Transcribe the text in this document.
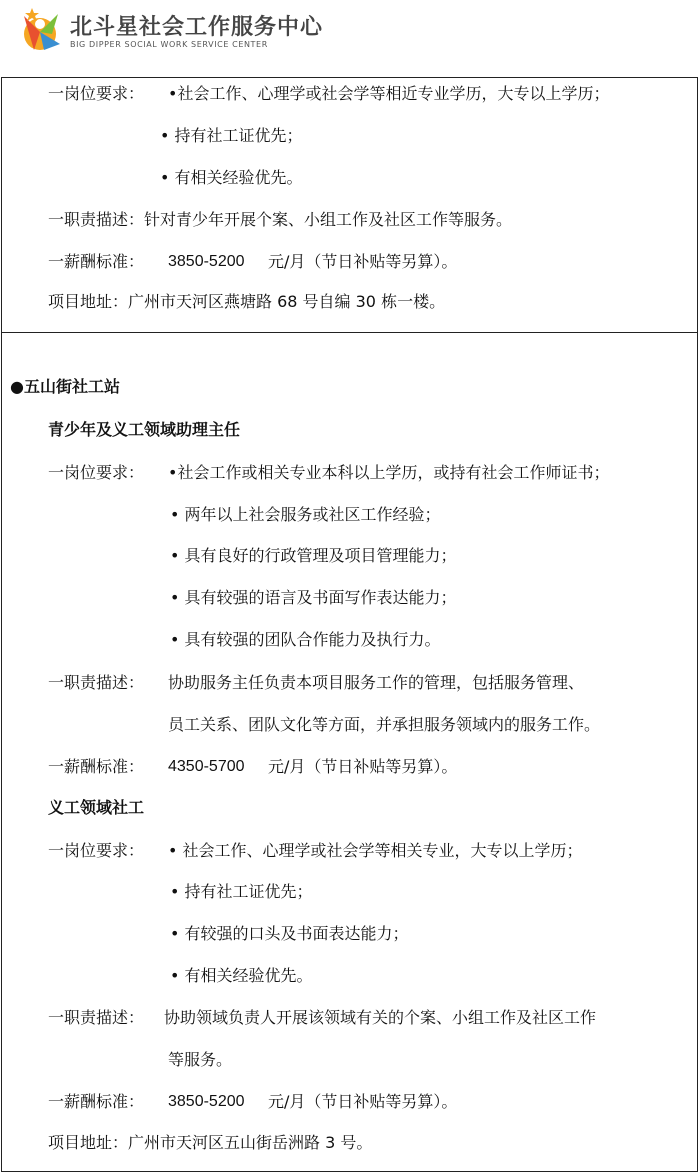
北斗星社会工作服务中心
BIG DIPPER SOCIAL WORK SERVICE CENTER
一岗位要求： •社会工作、心理学或社会学等相近专业学历，大专以上学历；
• 持有社工证优先；
• 有相关经验优先。
一职责描述： 针对青少年开展个案、小组工作及社区工作等服务。
一薪酬标准： 3850-5200 元/月（节日补贴等另算）。
项目地址：广州市天河区燕塘路 68 号自编 30 栋一楼。
●五山街社工站
青少年及义工领域助理主任
一岗位要求： •社会工作或相关专业本科以上学历，或持有社会工作师证书；
• 两年以上社会服务或社区工作经验；
• 具有良好的行政管理及项目管理能力；
• 具有较强的语言及书面写作表达能力；
• 具有较强的团队合作能力及执行力。
一职责描述： 协助服务主任负责本项目服务工作的管理，包括服务管理、
员工关系、团队文化等方面，并承担服务领域内的服务工作。
一薪酬标准： 4350-5700 元/月（节日补贴等另算）。
义工领域社工
一岗位要求： • 社会工作、心理学或社会学等相关专业，大专以上学历；
• 持有社工证优先；
• 有较强的口头及书面表达能力；
• 有相关经验优先。
一职责描述： 协助领域负责人开展该领域有关的个案、小组工作及社区工作
等服务。
一薪酬标准： 3850-5200 元/月（节日补贴等另算）。
项目地址：广州市天河区五山街岳洲路 3 号。
